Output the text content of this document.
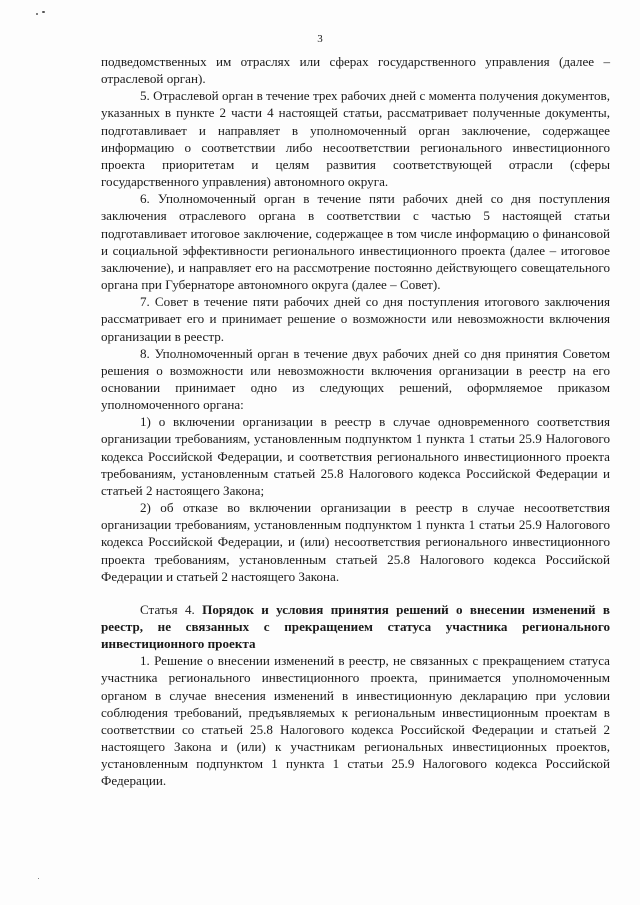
3

подведомственных им отраслях или сферах государственного управления (далее – отраслевой орган).

5. Отраслевой орган в течение трех рабочих дней с момента получения документов, указанных в пункте 2 части 4 настоящей статьи, рассматривает полученные документы, подготавливает и направляет в уполномоченный орган заключение, содержащее информацию о соответствии либо несоответствии регионального инвестиционного проекта приоритетам и целям развития соответствующей отрасли (сферы государственного управления) автономного округа.

6. Уполномоченный орган в течение пяти рабочих дней со дня поступления заключения отраслевого органа в соответствии с частью 5 настоящей статьи подготавливает итоговое заключение, содержащее в том числе информацию о финансовой и социальной эффективности регионального инвестиционного проекта (далее – итоговое заключение), и направляет его на рассмотрение постоянно действующего совещательного органа при Губернаторе автономного округа (далее – Совет).

7. Совет в течение пяти рабочих дней со дня поступления итогового заключения рассматривает его и принимает решение о возможности или невозможности включения организации в реестр.

8. Уполномоченный орган в течение двух рабочих дней со дня принятия Советом решения о возможности или невозможности включения организации в реестр на его основании принимает одно из следующих решений, оформляемое приказом уполномоченного органа:

1) о включении организации в реестр в случае одновременного соответствия организации требованиям, установленным подпунктом 1 пункта 1 статьи 25.9 Налогового кодекса Российской Федерации, и соответствия регионального инвестиционного проекта требованиям, установленным статьей 25.8 Налогового кодекса Российской Федерации и статьей 2 настоящего Закона;

2) об отказе во включении организации в реестр в случае несоответствия организации требованиям, установленным подпунктом 1 пункта 1 статьи 25.9 Налогового кодекса Российской Федерации, и (или) несоответствия регионального инвестиционного проекта требованиям, установленным статьей 25.8 Налогового кодекса Российской Федерации и статьей 2 настоящего Закона.

Статья 4. Порядок и условия принятия решений о внесении изменений в реестр, не связанных с прекращением статуса участника регионального инвестиционного проекта

1. Решение о внесении изменений в реестр, не связанных с прекращением статуса участника регионального инвестиционного проекта, принимается уполномоченным органом в случае внесения изменений в инвестиционную декларацию при условии соблюдения требований, предъявляемых к региональным инвестиционным проектам в соответствии со статьей 25.8 Налогового кодекса Российской Федерации и статьей 2 настоящего Закона и (или) к участникам региональных инвестиционных проектов, установленным подпунктом 1 пункта 1 статьи 25.9 Налогового кодекса Российской Федерации.
